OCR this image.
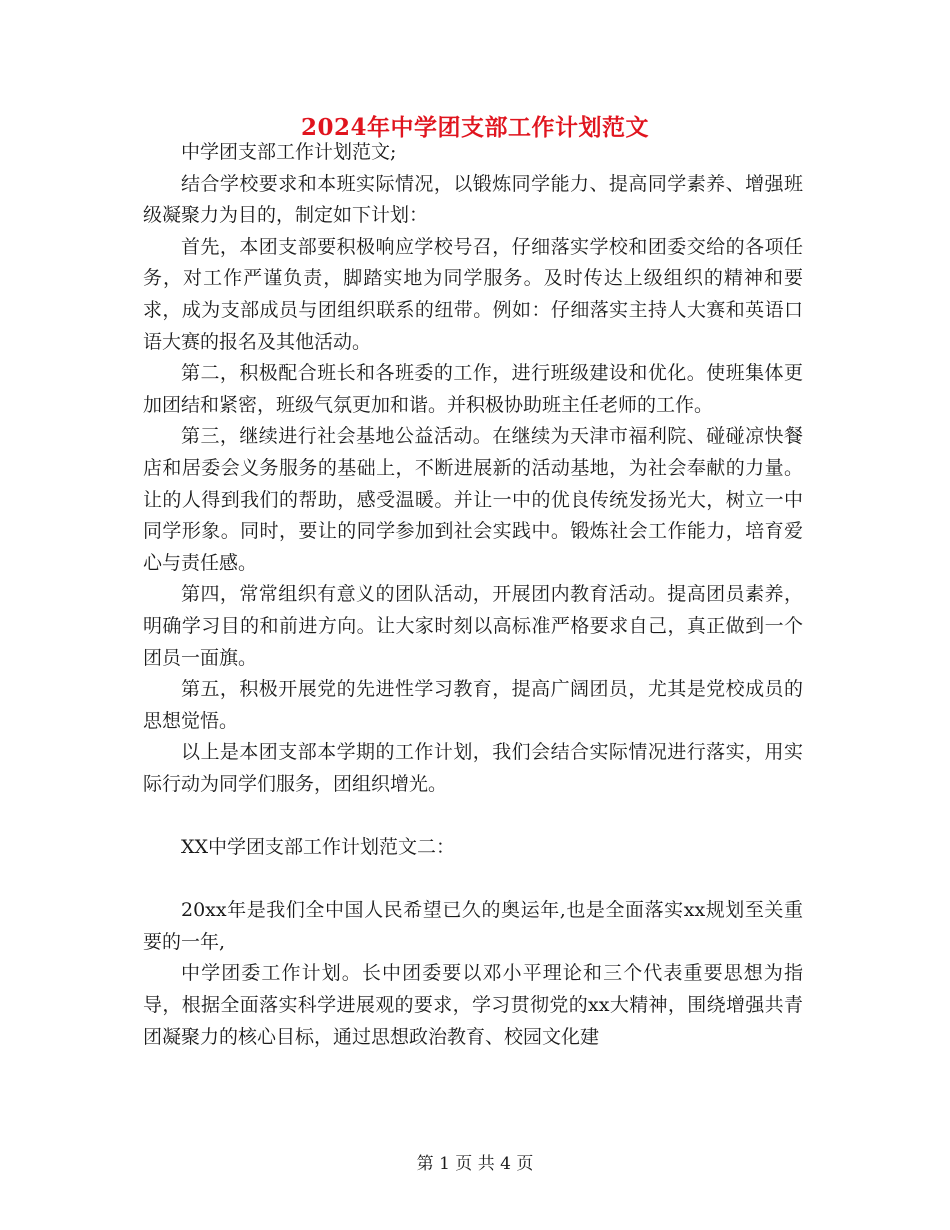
2024年中学团支部工作计划范文

中学团支部工作计划范文;

结合学校要求和本班实际情况，以锻炼同学能力、提高同学素养、增强班级凝聚力为目的，制定如下计划：

首先，本团支部要积极响应学校号召，仔细落实学校和团委交给的各项任务，对工作严谨负责，脚踏实地为同学服务。及时传达上级组织的精神和要求，成为支部成员与团组织联系的纽带。例如：仔细落实主持人大赛和英语口语大赛的报名及其他活动。

第二，积极配合班长和各班委的工作，进行班级建设和优化。使班集体更加团结和紧密，班级气氛更加和谐。并积极协助班主任老师的工作。

第三，继续进行社会基地公益活动。在继续为天津市福利院、碰碰凉快餐店和居委会义务服务的基础上，不断进展新的活动基地，为社会奉献的力量。让的人得到我们的帮助，感受温暖。并让一中的优良传统发扬光大，树立一中同学形象。同时，要让的同学参加到社会实践中。锻炼社会工作能力，培育爱心与责任感。

第四，常常组织有意义的团队活动，开展团内教育活动。提高团员素养，明确学习目的和前进方向。让大家时刻以高标准严格要求自己，真正做到一个团员一面旗。

第五，积极开展党的先进性学习教育，提高广阔团员，尤其是党校成员的思想觉悟。

以上是本团支部本学期的工作计划，我们会结合实际情况进行落实，用实际行动为同学们服务，团组织增光。

XX中学团支部工作计划范文二：

20xx年是我们全中国人民希望已久的奥运年,也是全面落实xx规划至关重要的一年,

中学团委工作计划。长中团委要以邓小平理论和三个代表重要思想为指导，根据全面落实科学进展观的要求，学习贯彻党的xx大精神，围绕增强共青团凝聚力的核心目标，通过思想政治教育、校园文化建

第 1 页 共 4 页
